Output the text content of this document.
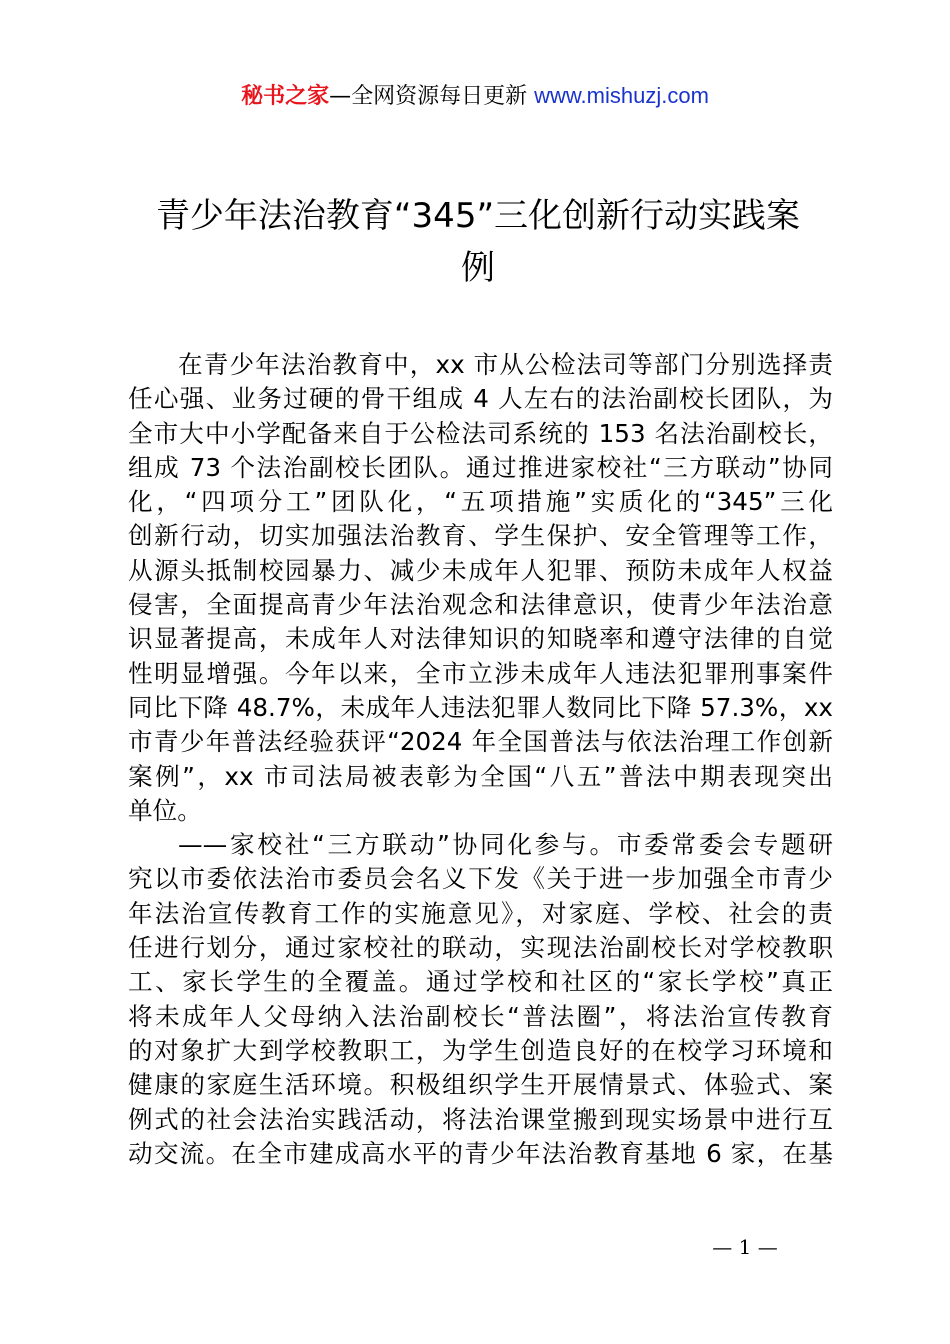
秘书之家—全网资源每日更新 www.mishuzj.com
青少年法治教育“345”三化创新行动实践案
例
在青少年法治教育中，xx 市从公检法司等部门分别选择责
任心强、业务过硬的骨干组成 4 人左右的法治副校长团队，为
全市大中小学配备来自于公检法司系统的 153 名法治副校长，
组成 73 个法治副校长团队。通过推进家校社“三方联动”协同
化，“四项分工”团队化，“五项措施”实质化的“345”三化
创新行动，切实加强法治教育、学生保护、安全管理等工作，
从源头抵制校园暴力、减少未成年人犯罪、预防未成年人权益
侵害，全面提高青少年法治观念和法律意识，使青少年法治意
识显著提高，未成年人对法律知识的知晓率和遵守法律的自觉
性明显增强。今年以来，全市立涉未成年人违法犯罪刑事案件
同比下降 48.7%，未成年人违法犯罪人数同比下降 57.3%，xx
市青少年普法经验获评“2024 年全国普法与依法治理工作创新
案例”，xx 市司法局被表彰为全国“八五”普法中期表现突出
单位。
——家校社“三方联动”协同化参与。市委常委会专题研
究以市委依法治市委员会名义下发《关于进一步加强全市青少
年法治宣传教育工作的实施意见》，对家庭、学校、社会的责
任进行划分，通过家校社的联动，实现法治副校长对学校教职
工、家长学生的全覆盖。通过学校和社区的“家长学校”真正
将未成年人父母纳入法治副校长“普法圈”，将法治宣传教育
的对象扩大到学校教职工，为学生创造良好的在校学习环境和
健康的家庭生活环境。积极组织学生开展情景式、体验式、案
例式的社会法治实践活动，将法治课堂搬到现实场景中进行互
动交流。在全市建成高水平的青少年法治教育基地 6 家，在基
— 1 —
